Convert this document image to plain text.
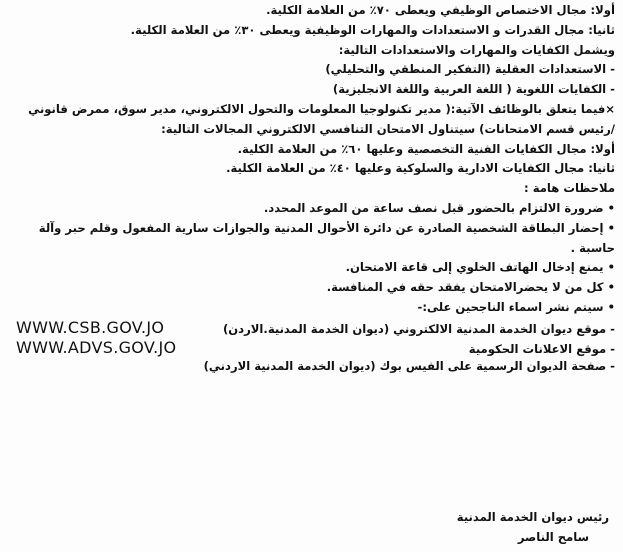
أولا: مجال الاختصاص الوظيفي ويعطى ٧٠٪ من العلامة الكلية.
ثانيا: مجال القدرات و الاستعدادات والمهارات الوظيفية ويعطى ٣٠٪ من العلامة الكلية.
ويشمل الكفايات والمهارات والاستعدادات التالية:
- الاستعدادات العقلية (التفكير المنطقي والتحليلي)
- الكفايات اللغوية ( اللغة العربية واللغة الانجليزية)
×فيما يتعلق بالوظائف الآتية:( مدير تكنولوجيا المعلومات والتحول الالكتروني، مدير سوق، ممرض قانوني
/رئيس قسم الامتحانات) سيتناول الامتحان التنافسي الالكتروني المجالات التالية:
أولا: مجال الكفايات الفنية التخصصية وعليها ٦٠٪ من العلامة الكلية.
ثانيا: مجال الكفايات الادارية والسلوكية وعليها ٤٠٪ من العلامة الكلية.
ملاحظات هامة :
• ضرورة الالتزام بالحضور قبل نصف ساعة من الموعد المحدد.
• إحضار البطاقة الشخصية الصادرة عن دائرة الأحوال المدنية والجوازات سارية المفعول وقلم حبر وآلة
حاسبة .
• يمنع إدخال الهاتف الخلوي إلى قاعة الامتحان.
• كل من لا يحضرالامتحان يفقد حقه في المنافسة.
• سيتم نشر اسماء الناجحين على:-
- موقع ديوان الخدمة المدنية الالكتروني (ديوان الخدمة المدنية.الاردن)
WWW.CSB.GOV.JO
- موقع الاعلانات الحكومية
WWW.ADVS.GOV.JO
- صفحة الديوان الرسمية على الفيس بوك (ديوان الخدمة المدنية الاردني)
رئيس ديوان الخدمة المدنية
سامح الناصر
